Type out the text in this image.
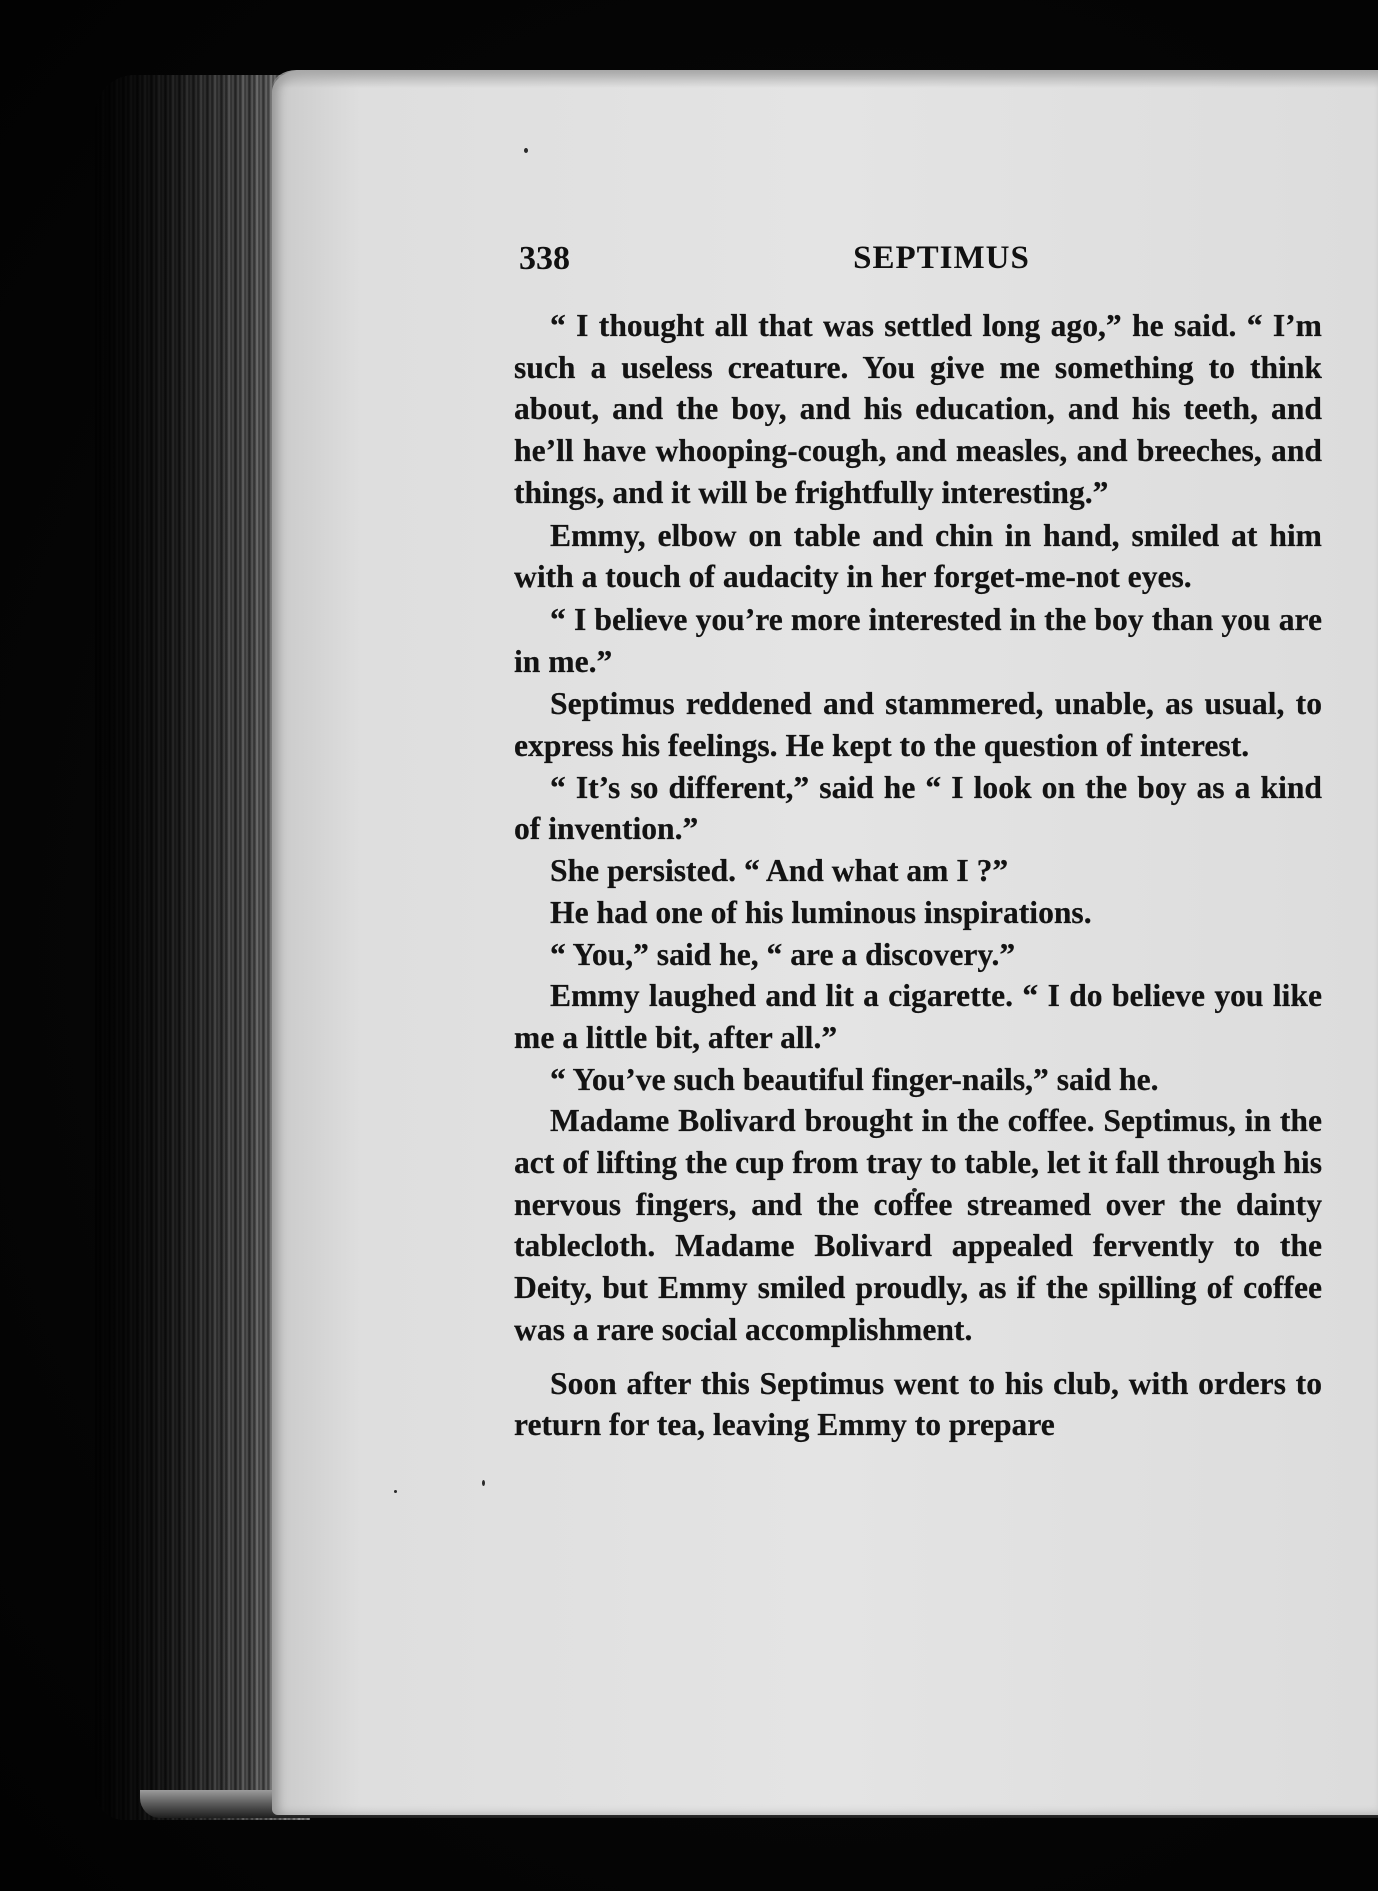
338	SEPTIMUS

“ I thought all that was settled long ago,” he said. “ I’m such a useless creature. You give me something to think about, and the boy, and his education, and his teeth, and he’ll have whooping-cough, and measles, and breeches, and things, and it will be frightfully interesting.”

Emmy, elbow on table and chin in hand, smiled at him with a touch of audacity in her forget-me-not eyes.

“ I believe you’re more interested in the boy than you are in me.”

Septimus reddened and stammered, unable, as usual, to express his feelings. He kept to the question of interest.

“ It’s so different,” said he “ I look on the boy as a kind of invention.”

She persisted. “ And what am I ?”

He had one of his luminous inspirations.

“ You,” said he, “ are a discovery.”

Emmy laughed and lit a cigarette. “ I do believe you like me a little bit, after all.”

“ You’ve such beautiful finger-nails,” said he.

Madame Bolivard brought in the coffee. Septimus, in the act of lifting the cup from tray to table, let it fall through his nervous fingers, and the coffee streamed over the dainty tablecloth. Madame Bolivard appealed fervently to the Deity, but Emmy smiled proudly, as if the spilling of coffee was a rare social accomplishment.

Soon after this Septimus went to his club, with orders to return for tea, leaving Emmy to prepare
